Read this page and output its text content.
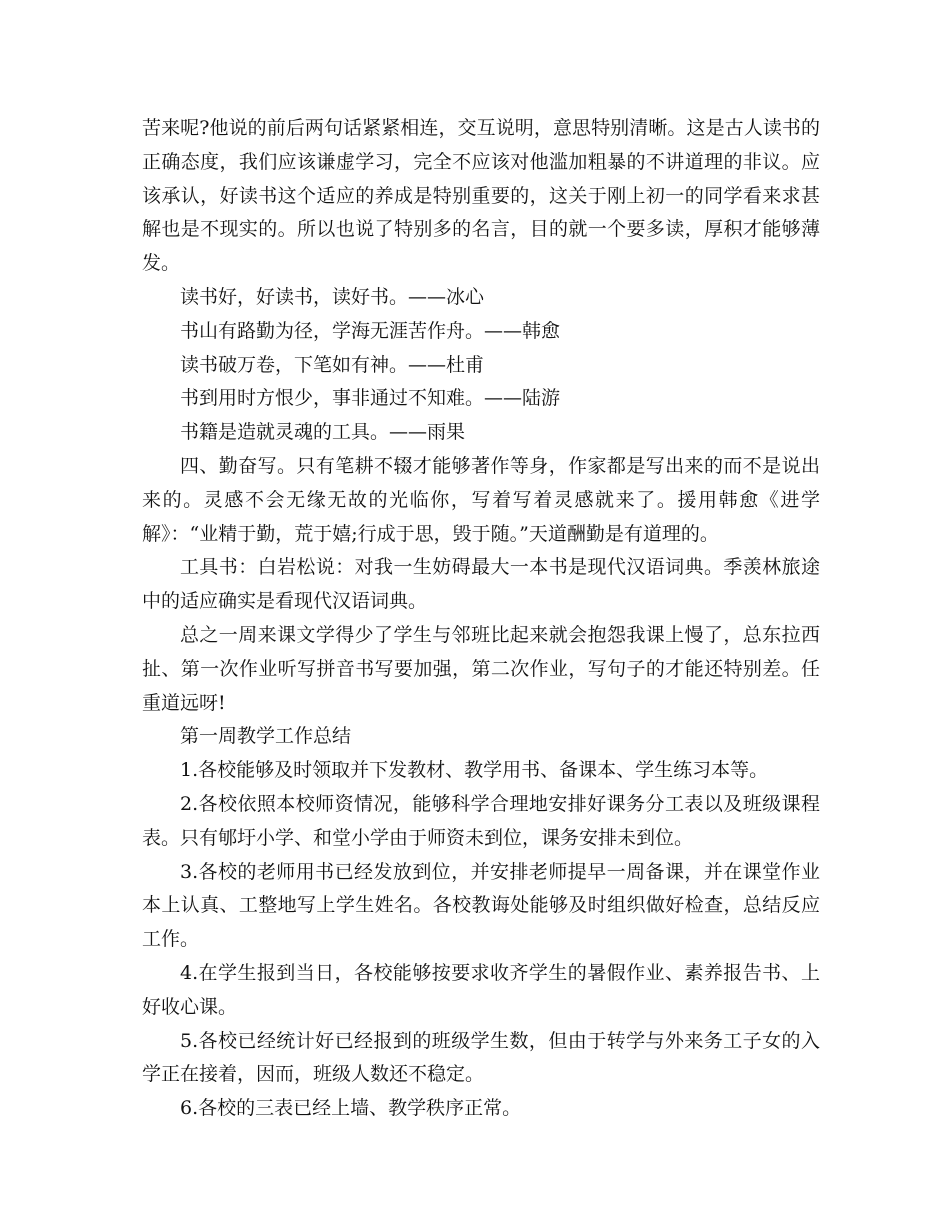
苦来呢?他说的前后两句话紧紧相连，交互说明，意思特别清晰。这是古人读书的正确态度，我们应该谦虚学习，完全不应该对他滥加粗暴的不讲道理的非议。应该承认，好读书这个适应的养成是特别重要的，这关于刚上初一的同学看来求甚解也是不现实的。所以也说了特别多的名言，目的就一个要多读，厚积才能够薄发。

读书好，好读书，读好书。——冰心

书山有路勤为径，学海无涯苦作舟。——韩愈

读书破万卷，下笔如有神。——杜甫

书到用时方恨少，事非通过不知难。——陆游

书籍是造就灵魂的工具。——雨果

四、勤奋写。只有笔耕不辍才能够著作等身，作家都是写出来的而不是说出来的。灵感不会无缘无故的光临你，写着写着灵感就来了。援用韩愈《进学解》：“业精于勤，荒于嬉;行成于思，毁于随。”天道酬勤是有道理的。

工具书：白岩松说：对我一生妨碍最大一本书是现代汉语词典。季羡林旅途中的适应确实是看现代汉语词典。

总之一周来课文学得少了学生与邻班比起来就会抱怨我课上慢了，总东拉西扯、第一次作业听写拼音书写要加强，第二次作业，写句子的才能还特别差。任重道远呀!

第一周教学工作总结

1.各校能够及时领取并下发教材、教学用书、备课本、学生练习本等。

2.各校依照本校师资情况，能够科学合理地安排好课务分工表以及班级课程表。只有郇圩小学、和堂小学由于师资未到位，课务安排未到位。

3.各校的老师用书已经发放到位，并安排老师提早一周备课，并在课堂作业本上认真、工整地写上学生姓名。各校教诲处能够及时组织做好检查，总结反应工作。

4.在学生报到当日，各校能够按要求收齐学生的暑假作业、素养报告书、上好收心课。

5.各校已经统计好已经报到的班级学生数，但由于转学与外来务工子女的入学正在接着，因而，班级人数还不稳定。

6.各校的三表已经上墙、教学秩序正常。
